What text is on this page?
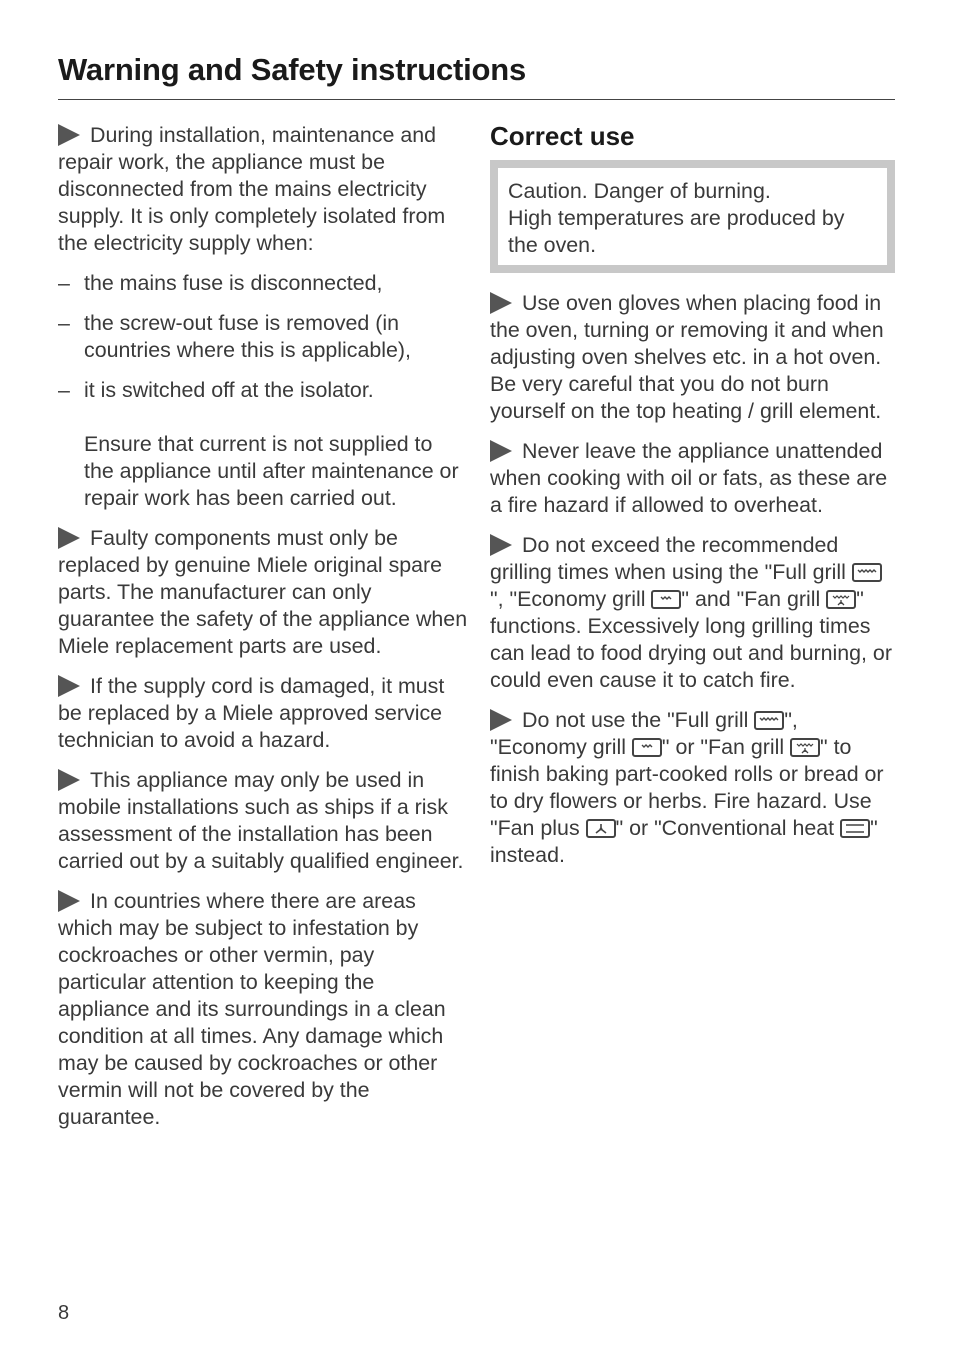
Warning and Safety instructions

During installation, maintenance and repair work, the appliance must be disconnected from the mains electricity supply. It is only completely isolated from the electricity supply when:

– the mains fuse is disconnected,
– the screw-out fuse is removed (in countries where this is applicable),
– it is switched off at the isolator.

Ensure that current is not supplied to the appliance until after maintenance or repair work has been carried out.

Faulty components must only be replaced by genuine Miele original spare parts. The manufacturer can only guarantee the safety of the appliance when Miele replacement parts are used.

If the supply cord is damaged, it must be replaced by a Miele approved service technician to avoid a hazard.

This appliance may only be used in mobile installations such as ships if a risk assessment of the installation has been carried out by a suitably qualified engineer.

In countries where there are areas which may be subject to infestation by cockroaches or other vermin, pay particular attention to keeping the appliance and its surroundings in a clean condition at all times. Any damage which may be caused by cockroaches or other vermin will not be covered by the guarantee.

Correct use

Caution. Danger of burning.

High temperatures are produced by the oven.

Use oven gloves when placing food in the oven, turning or removing it and when adjusting oven shelves etc. in a hot oven. Be very careful that you do not burn yourself on the top heating / grill element.

Never leave the appliance unattended when cooking with oil or fats, as these are a fire hazard if allowed to overheat.

Do not exceed the recommended grilling times when using the "Full grill
", "Economy grill
" and "Fan grill
" functions. Excessively long grilling times can lead to food drying out and burning, or could even cause it to catch fire.

Do not use the "Full grill
", "Economy grill
" or "Fan grill
" to finish baking part-cooked rolls or bread or to dry flowers or herbs. Fire hazard. Use "Fan plus
" or "Conventional heat
" instead.

8
